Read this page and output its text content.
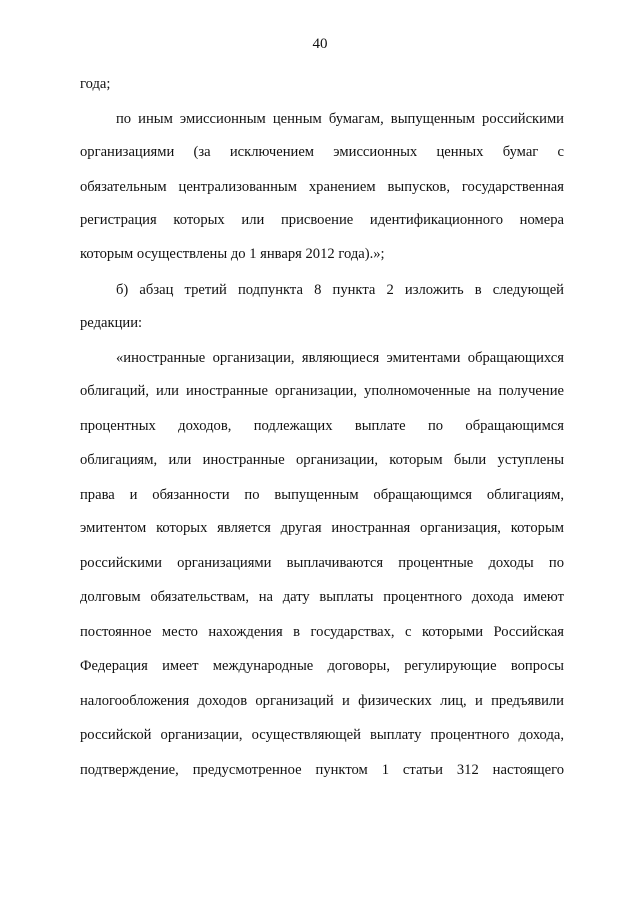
40
года;
по иным эмиссионным ценным бумагам, выпущенным российскими
организациями (за исключением эмиссионных ценных бумаг с
обязательным централизованным хранением выпусков, государственная
регистрация которых или присвоение идентификационного номера
которым осуществлены до 1 января 2012 года).»;
б) абзац третий подпункта 8 пункта 2 изложить в следующей
редакции:
«иностранные организации, являющиеся эмитентами обращающихся
облигаций, или иностранные организации, уполномоченные на получение
процентных доходов, подлежащих выплате по обращающимся
облигациям, или иностранные организации, которым были уступлены
права и обязанности по выпущенным обращающимся облигациям,
эмитентом которых является другая иностранная организация, которым
российскими организациями выплачиваются процентные доходы по
долговым обязательствам, на дату выплаты процентного дохода имеют
постоянное место нахождения в государствах, с которыми Российская
Федерация имеет международные договоры, регулирующие вопросы
налогообложения доходов организаций и физических лиц, и предъявили
российской организации, осуществляющей выплату процентного дохода,
подтверждение, предусмотренное пунктом 1 статьи 312 настоящего
